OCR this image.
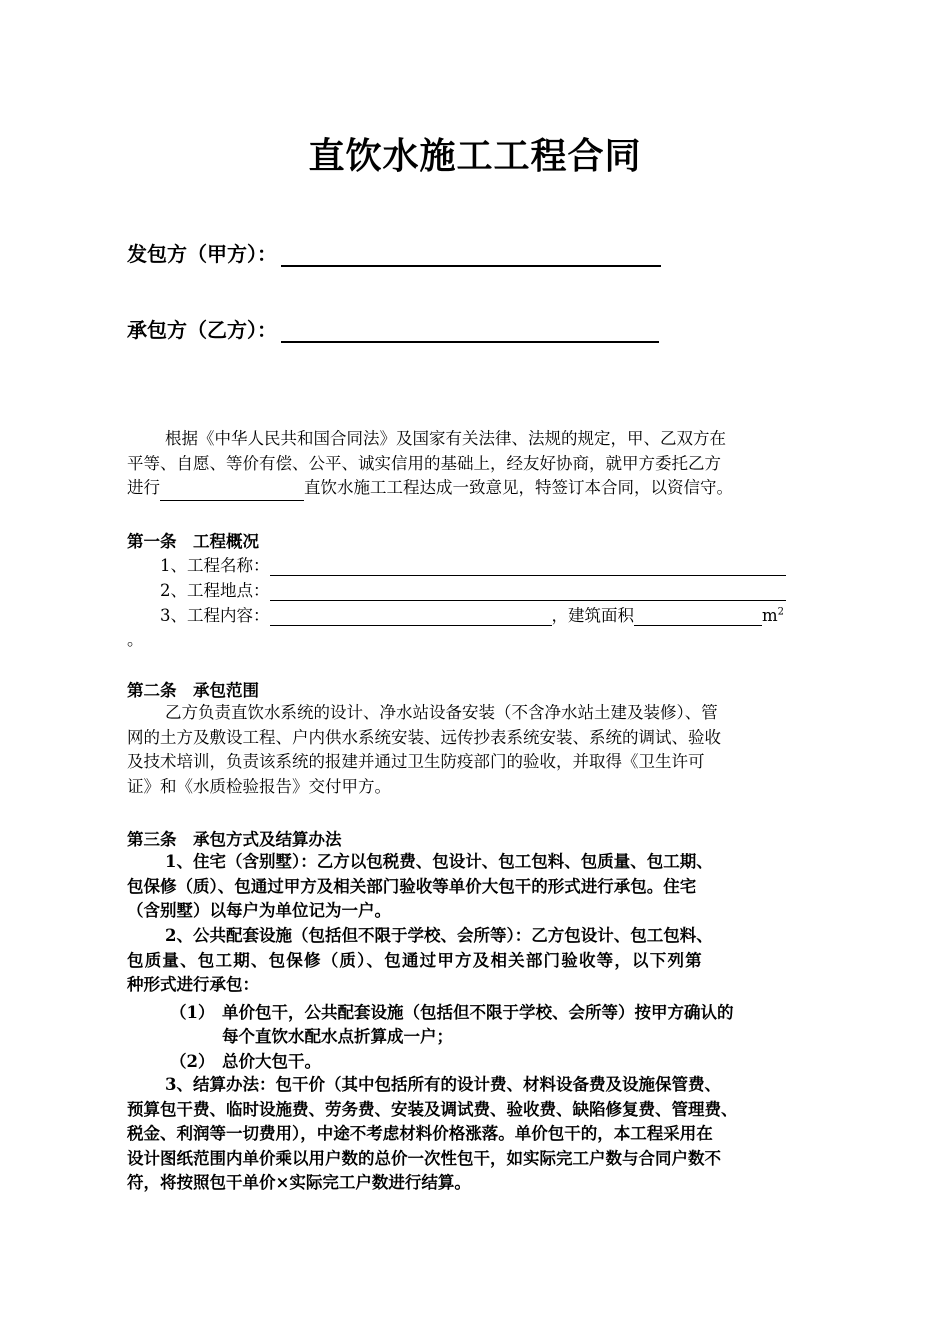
直饮水施工工程合同
发包方（甲方）：
承包方（乙方）：
根据《中华人民共和国合同法》及国家有关法律、法规的规定，甲、乙双方在
平等、自愿、等价有偿、公平、诚实信用的基础上，经友好协商，就甲方委托乙方
进行	直饮水施工工程达成一致意见，特签订本合同，以资信守。
第一条　工程概况
1、工程名称：
2、工程地点：
3、工程内容：	，建筑面积	$m^2$
。
第二条　承包范围
乙方负责直饮水系统的设计、净水站设备安装（不含净水站土建及装修）、管
网的土方及敷设工程、户内供水系统安装、远传抄表系统安装、系统的调试、验收
及技术培训，负责该系统的报建并通过卫生防疫部门的验收，并取得《卫生许可
证》和《水质检验报告》交付甲方。
第三条　承包方式及结算办法
1、住宅（含别墅）：乙方以包税费、包设计、包工包料、包质量、包工期、
包保修（质）、包通过甲方及相关部门验收等单价大包干的形式进行承包。住宅
（含别墅）以每户为单位记为一户。
2、公共配套设施（包括但不限于学校、会所等）：乙方包设计、包工包料、
包质量、包工期、包保修（质）、包通过甲方及相关部门验收等，以下列第
种形式进行承包：
（1） 单价包干，公共配套设施（包括但不限于学校、会所等）按甲方确认的
每个直饮水配水点折算成一户；
（2） 总价大包干。
3、结算办法：包干价（其中包括所有的设计费、材料设备费及设施保管费、
预算包干费、临时设施费、劳务费、安装及调试费、验收费、缺陷修复费、管理费、
税金、利润等一切费用），中途不考虑材料价格涨落。单价包干的，本工程采用在
设计图纸范围内单价乘以用户数的总价一次性包干，如实际完工户数与合同户数不
符，将按照包干单价×实际完工户数进行结算。
